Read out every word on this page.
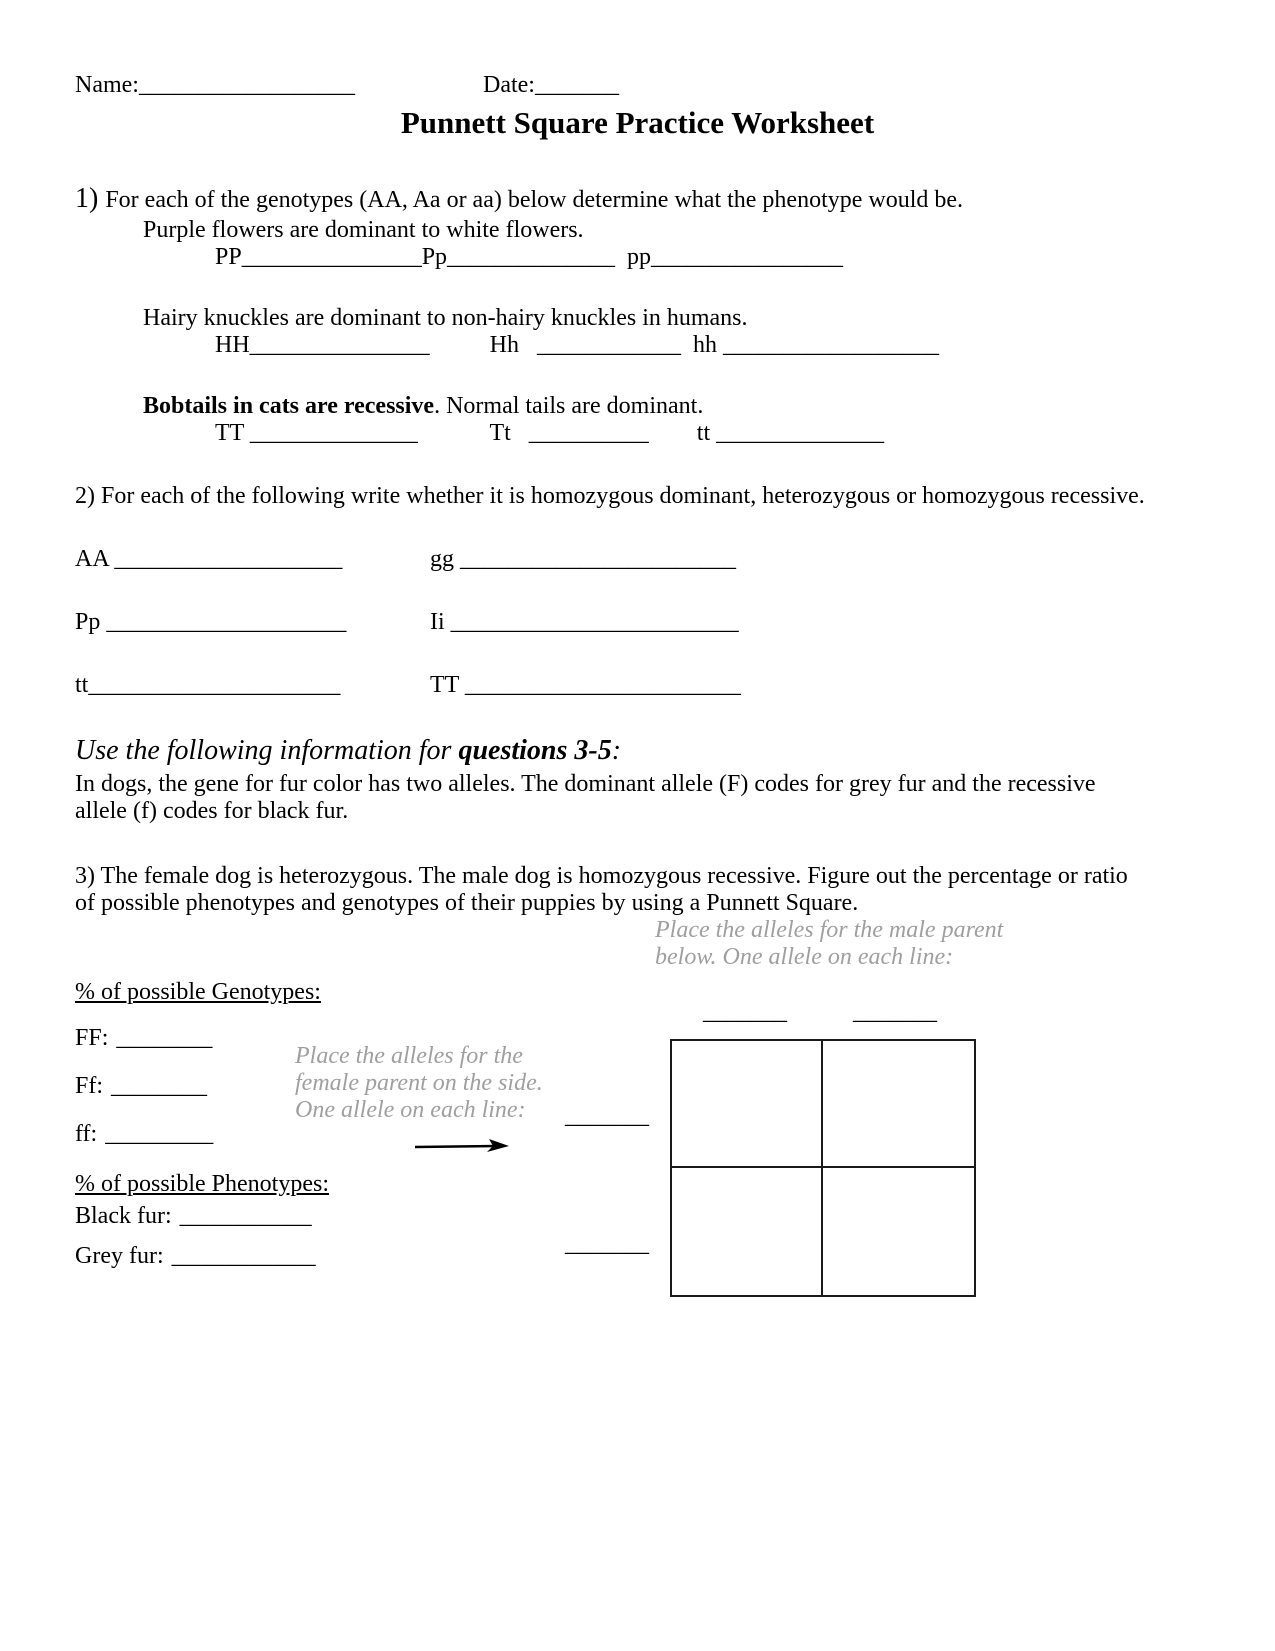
Name:__________________	Date:_______
Punnett Square Practice Worksheet

1) For each of the genotypes (AA, Aa or aa) below determine what the phenotype would be.

Purple flowers are dominant to white flowers.

PP_______________Pp______________  pp________________

Hairy knuckles are dominant to non-hairy knuckles in humans.

HH_______________          Hh   ____________  hh __________________

Bobtails in cats are recessive. Normal tails are dominant.

TT ______________            Tt   __________        tt ______________

2) For each of the following write whether it is homozygous dominant, heterozygous or homozygous recessive.

AA ___________________	gg _______________________
Pp ____________________	Ii ________________________
tt_____________________	TT _______________________

Use the following information for questions 3-5:

In dogs, the gene for fur color has two alleles. The dominant allele (F) codes for grey fur and the recessive allele (f) codes for black fur.

3) The female dog is heterozygous. The male dog is homozygous recessive. Figure out the percentage or ratio of possible phenotypes and genotypes of their puppies by using a Punnett Square.

Place the alleles for the male parent below. One allele on each line:

% of possible Genotypes:

_______	_______

FF: ________

Ff: ________

ff: _________

Place the alleles for the female parent on the side. One allele on each line:	_______
_______

% of possible Phenotypes:

Black fur: ___________

Grey fur: ____________
